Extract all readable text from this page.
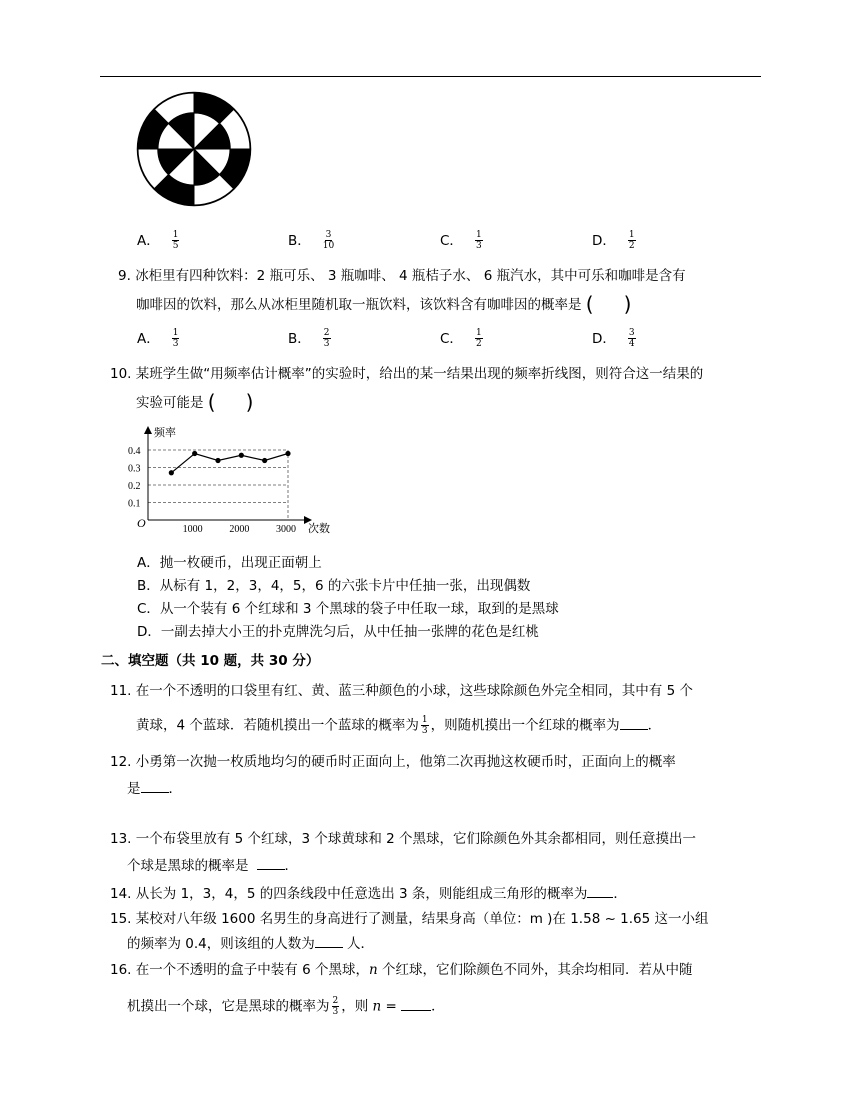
A． $\frac{1}{5}$	B． $\frac{3}{10}$	C． $\frac{1}{3}$	D． $\frac{1}{2}$
9. 冰柜里有四种饮料：2 瓶可乐、 3 瓶咖啡、 4 瓶桔子水、 6 瓶汽水，其中可乐和咖啡是含有
咖啡因的饮料，那么从冰柜里随机取一瓶饮料，该饮料含有咖啡因的概率是 ( )
A． $\frac{1}{3}$	B． $\frac{2}{3}$	C． $\frac{1}{2}$	D． $\frac{3}{4}$
10. 某班学生做“用频率估计概率”的实验时，给出的某一结果出现的频率折线图，则符合这一结果的
实验可能是 ( )
频率
次数
O
0.1
0.2
0.3
0.4
1000	2000	3000
A．抛一枚硬币，出现正面朝上
B．从标有 1，2，3，4，5，6 的六张卡片中任抽一张，出现偶数
C．从一个装有 6 个红球和 3 个黑球的袋子中任取一球，取到的是黑球
D．一副去掉大小王的扑克牌洗匀后，从中任抽一张牌的花色是红桃
二、填空题（共 10 题，共 30 分）
11. 在一个不透明的口袋里有红、黄、蓝三种颜色的小球，这些球除颜色外完全相同，其中有 5 个
黄球，4 个蓝球．若随机摸出一个蓝球的概率为 $\frac{1}{3}$ ，则随机摸出一个红球的概率为 ．
12. 小勇第一次抛一枚质地均匀的硬币时正面向上，他第二次再抛这枚硬币时，正面向上的概率
是 ．
13. 一个布袋里放有 5 个红球，3 个球黄球和 2 个黑球，它们除颜色外其余都相同，则任意摸出一
个球是黑球的概率是	．
14. 从长为 1，3，4，5 的四条线段中任意选出 3 条，则能组成三角形的概率为 ．
15. 某校对八年级 1600 名男生的身高进行了测量，结果身高（单位：m )在 1.58 ~ 1.65 这一小组
的频率为 0.4，则该组的人数为 人．
16. 在一个不透明的盒子中装有 6 个黑球，n 个红球，它们除颜色不同外，其余均相同．若从中随
机摸出一个球，它是黑球的概率为 $\frac{2}{3}$ ，则 n = ．
